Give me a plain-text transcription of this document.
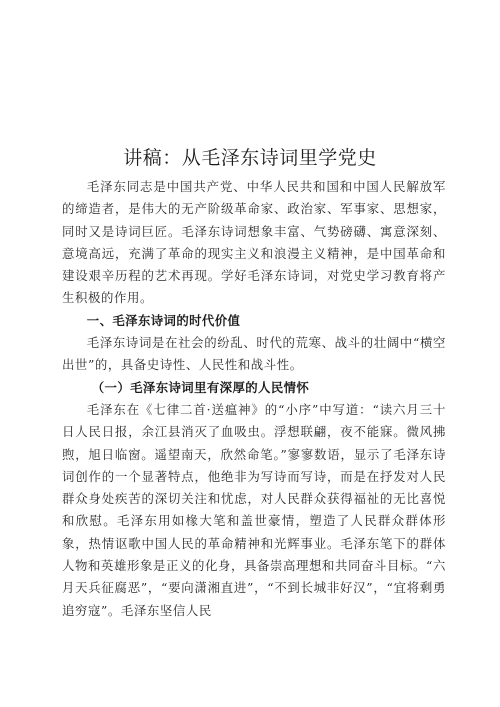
讲稿：从毛泽东诗词里学党史

毛泽东同志是中国共产党、中华人民共和国和中国人民解放军的缔造者，是伟大的无产阶级革命家、政治家、军事家、思想家，同时又是诗词巨匠。毛泽东诗词想象丰富、气势磅礴、寓意深刻、意境高远，充满了革命的现实主义和浪漫主义精神，是中国革命和建设艰辛历程的艺术再现。学好毛泽东诗词，对党史学习教育将产生积极的作用。

一、毛泽东诗词的时代价值

毛泽东诗词是在社会的纷乱、时代的荒寒、战斗的壮阔中“横空出世”的，具备史诗性、人民性和战斗性。

（一）毛泽东诗词里有深厚的人民情怀

毛泽东在《七律二首·送瘟神》的“小序”中写道：“读六月三十日人民日报，余江县消灭了血吸虫。浮想联翩，夜不能寐。微风拂煦，旭日临窗。遥望南天，欣然命笔。”寥寥数语，显示了毛泽东诗词创作的一个显著特点，他绝非为写诗而写诗，而是在抒发对人民群众身处疾苦的深切关注和忧虑，对人民群众获得福祉的无比喜悦和欣慰。毛泽东用如椽大笔和盖世豪情，塑造了人民群众群体形象，热情讴歌中国人民的革命精神和光辉事业。毛泽东笔下的群体人物和英雄形象是正义的化身，具备崇高理想和共同奋斗目标。“六月天兵征腐恶”，“要向潇湘直进”，“不到长城非好汉”，“宜将剩勇追穷寇”。毛泽东坚信人民
